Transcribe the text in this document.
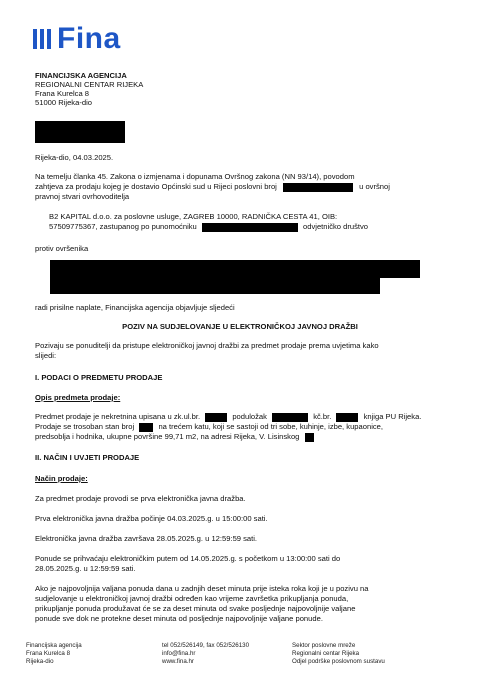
Fina
FINANCIJSKA AGENCIJA
REGIONALNI CENTAR RIJEKA
Frana Kurelca 8
51000 Rijeka-dio
Rijeka-dio, 04.03.2025.
Na temelju članka 45. Zakona o izmjenama i dopunama Ovršnog zakona (NN 93/14), povodom
zahtjeva za prodaju kojeg je dostavio Općinski sud u Rijeci poslovni broj	u ovršnoj
pravnoj stvari ovrhovoditelja
B2 KAPITAL d.o.o. za poslovne usluge, ZAGREB 10000, RADNIČKA CESTA 41, OIB:
57509775367, zastupanog po punomoćniku	odvjetničko društvo
protiv ovršenika
radi prisilne naplate, Financijska agencija objavljuje sljedeći
POZIV NA SUDJELOVANJE U ELEKTRONIČKOJ JAVNOJ DRAŽBI
Pozivaju se ponuditelji da pristupe elektroničkoj javnoj dražbi za predmet prodaje prema uvjetima kako
slijedi:
I. PODACI O PREDMETU PRODAJE
Opis predmeta prodaje:
Predmet prodaje je nekretnina upisana u zk.ul.br.	poduložak	kč.br.	knjiga PU Rijeka.
Prodaje se trosoban stan broj	na trećem katu, koji se sastoji od tri sobe, kuhinje, izbe, kupaonice,
predsoblja i hodnika, ukupne površine 99,71 m2, na adresi Rijeka, V. Lisinskog
II. NAČIN I UVJETI PRODAJE
Način prodaje:
Za predmet prodaje provodi se prva elektronička javna dražba.
Prva elektronička javna dražba počinje 04.03.2025.g. u 15:00:00 sati.
Elektronička javna dražba završava 28.05.2025.g. u 12:59:59 sati.
Ponude se prihvaćaju elektroničkim putem od 14.05.2025.g. s početkom u 13:00:00 sati do
28.05.2025.g. u 12:59:59 sati.
Ako je najpovoljnija valjana ponuda dana u zadnjih deset minuta prije isteka roka koji je u pozivu na
sudjelovanje u elektroničkoj javnoj dražbi određen kao vrijeme završetka prikupljanja ponuda,
prikupljanje ponuda produžavat će se za deset minuta od svake posljednje najpovoljnije valjane
ponude sve dok ne protekne deset minuta od posljednje najpovoljnije valjane ponude.
Financijska agencija
Frana Kurelca 8
Rijeka-dio
tel 052/526149, fax 052/526130
info@fina.hr
www.fina.hr
Sektor poslovne mreže
Regionalni centar Rijeka
Odjel podrške poslovnom sustavu
